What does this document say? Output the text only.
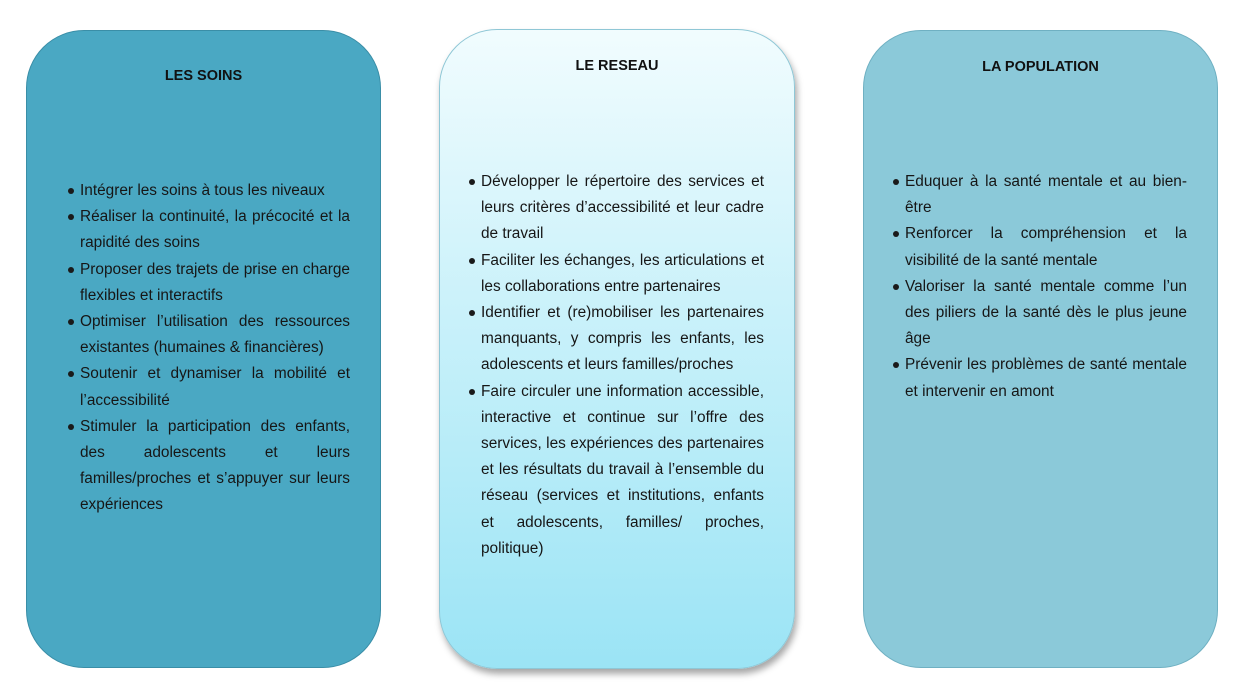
LES SOINS

Intégrer les soins à tous les niveaux
Réaliser la continuité, la précocité et la rapidité des soins
Proposer des trajets de prise en charge flexibles et interactifs
Optimiser l’utilisation des ressources existantes (humaines & financières)
Soutenir et dynamiser la mobilité et l’accessibilité
Stimuler la participation des enfants, des adolescents et leurs familles/proches et s’appuyer sur leurs expériences

LE RESEAU

Développer le répertoire des services et leurs critères d’accessibilité et leur cadre de travail
Faciliter les échanges, les articulations et les collaborations entre partenaires
Identifier et (re)mobiliser les partenaires manquants, y compris les enfants, les adolescents et leurs familles/proches
Faire circuler une information accessible, interactive et continue sur l’offre des services, les expériences des partenaires et les résultats du travail à l’ensemble du réseau (services et institutions, enfants et adolescents, familles/ proches, politique)

LA POPULATION

Eduquer à la santé mentale et au bien-être
Renforcer la compréhension et la visibilité de la santé mentale
Valoriser la santé mentale comme l’un des piliers de la santé dès le plus jeune âge
Prévenir les problèmes de santé mentale et intervenir en amont
